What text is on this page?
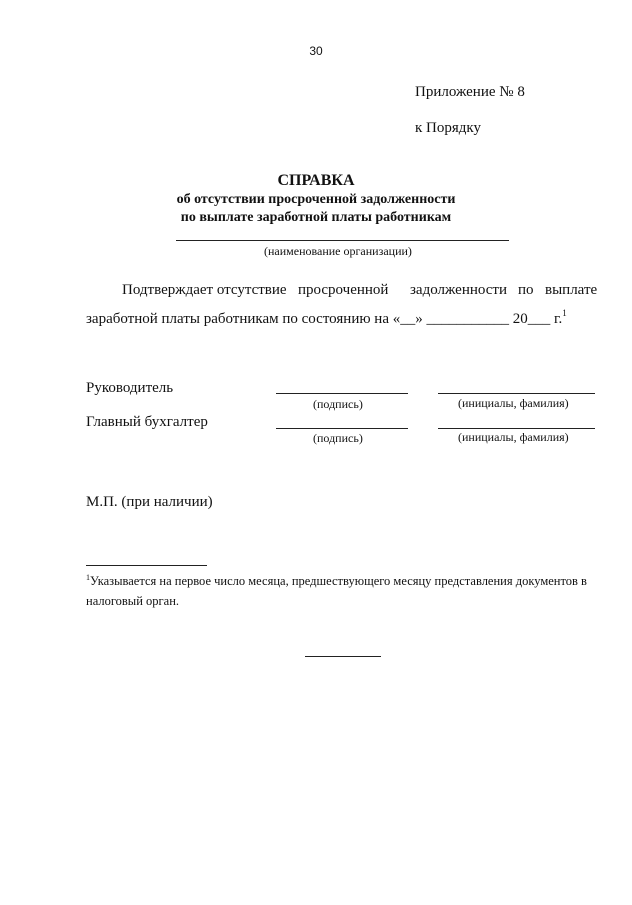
30
Приложение № 8
к Порядку
СПРАВКА
об отсутствии просроченной задолженности
по выплате заработной платы работникам
(наименование организации)
Подтверждает отсутствие просроченной задолженности по выплате
заработной платы работникам по состоянию на «__» ___________ 20___ г.$^1$
Руководитель
(подпись)	(инициалы, фамилия)
Главный бухгалтер
(подпись)	(инициалы, фамилия)
М.П. (при наличии)
$^1$Указывается на первое число месяца, предшествующего месяцу представления документов в налоговый орган.
